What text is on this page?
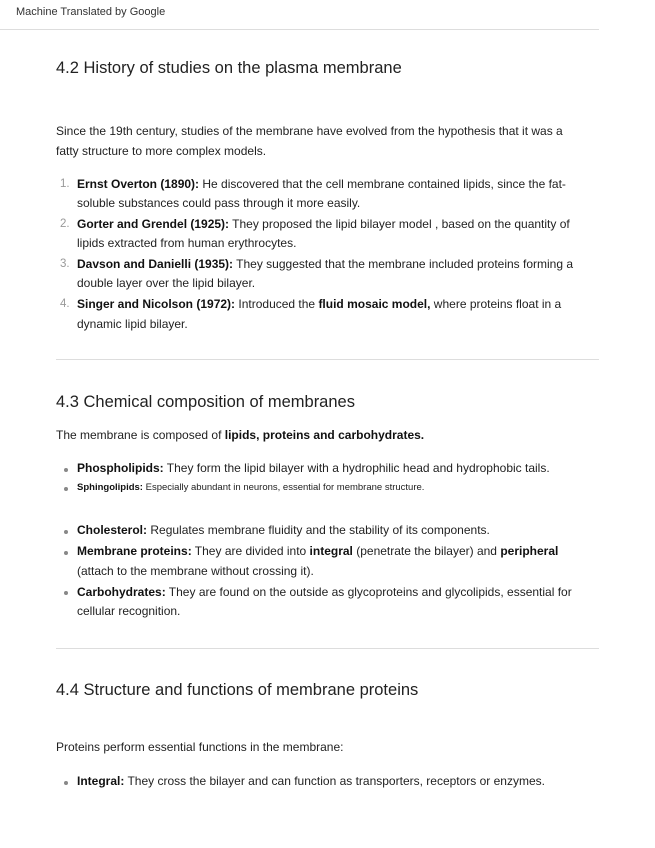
Machine Translated by Google
4.2 History of studies on the plasma membrane

Since the 19th century, studies of the membrane have evolved from the hypothesis that it was a fatty structure to more complex models.

1. Ernst Overton (1890): He discovered that the cell membrane contained lipids, since the fat-soluble substances could pass through it more easily.
2. Gorter and Grendel (1925): They proposed the lipid bilayer model , based on the quantity of lipids extracted from human erythrocytes.
3. Davson and Danielli (1935): They suggested that the membrane included proteins forming a double layer over the lipid bilayer.
4. Singer and Nicolson (1972): Introduced the fluid mosaic model, where proteins float in a dynamic lipid bilayer.
4.3 Chemical composition of membranes

The membrane is composed of lipids, proteins and carbohydrates.

Phospholipids: They form the lipid bilayer with a hydrophilic head and hydrophobic tails.
Sphingolipids: Especially abundant in neurons, essential for membrane structure.
Cholesterol: Regulates membrane fluidity and the stability of its components.
Membrane proteins: They are divided into integral (penetrate the bilayer) and peripheral (attach to the membrane without crossing it).
Carbohydrates: They are found on the outside as glycoproteins and glycolipids, essential for cellular recognition.
4.4 Structure and functions of membrane proteins

Proteins perform essential functions in the membrane:

Integral: They cross the bilayer and can function as transporters, receptors or enzymes.
